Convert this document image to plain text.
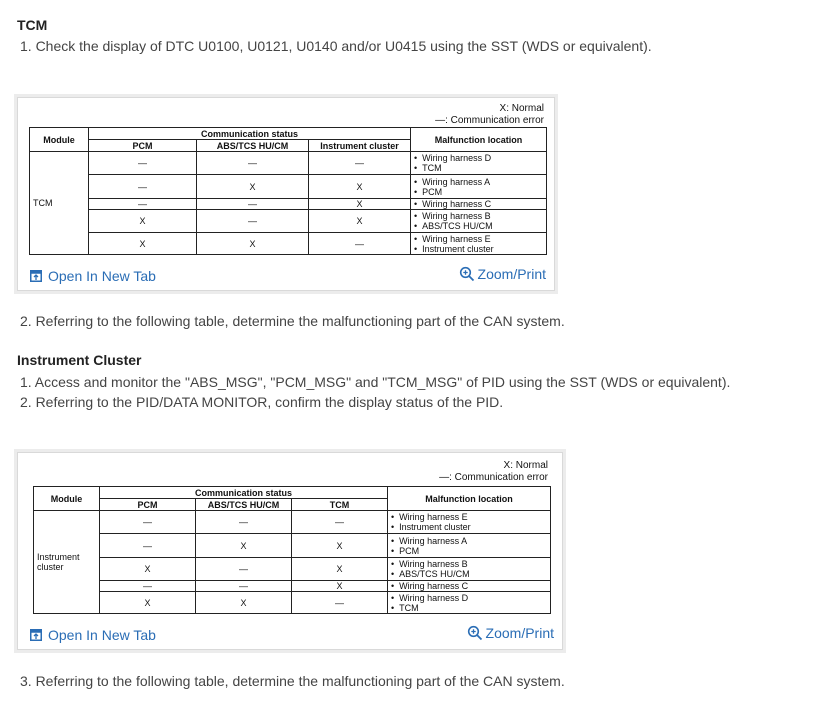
TCM
1. Check the display of DTC U0100, U0121, U0140 and/or U0415 using the SST (WDS or equivalent).
X: Normal
—: Communication error
Module	Communication status			Malfunction location
	PCM	ABS/TCS HU/CM	Instrument cluster	
TCM	—	—	—	• Wiring harness D
• TCM

	—	X	X	• Wiring harness A
• PCM

	—	—	X	• Wiring harness C

	X	—	X	• Wiring harness B
• ABS/TCS HU/CM

	X	X	—	• Wiring harness E
• Instrument cluster
Open In New Tab	Zoom/Print
2. Referring to the following table, determine the malfunctioning part of the CAN system.
Instrument Cluster
1. Access and monitor the "ABS_MSG", "PCM_MSG" and "TCM_MSG" of PID using the SST (WDS or equivalent).
2. Referring to the PID/DATA MONITOR, confirm the display status of the PID.
X: Normal
—: Communication error
Module	Communication status			Malfunction location
	PCM	ABS/TCS HU/CM	TCM	
Instrument cluster	—	—	—	• Wiring harness E
• Instrument cluster

	—	X	X	• Wiring harness A
• PCM

	X	—	X	• Wiring harness B
• ABS/TCS HU/CM

	—	—	X	• Wiring harness C

	X	X	—	• Wiring harness D
• TCM
Open In New Tab	Zoom/Print
3. Referring to the following table, determine the malfunctioning part of the CAN system.
